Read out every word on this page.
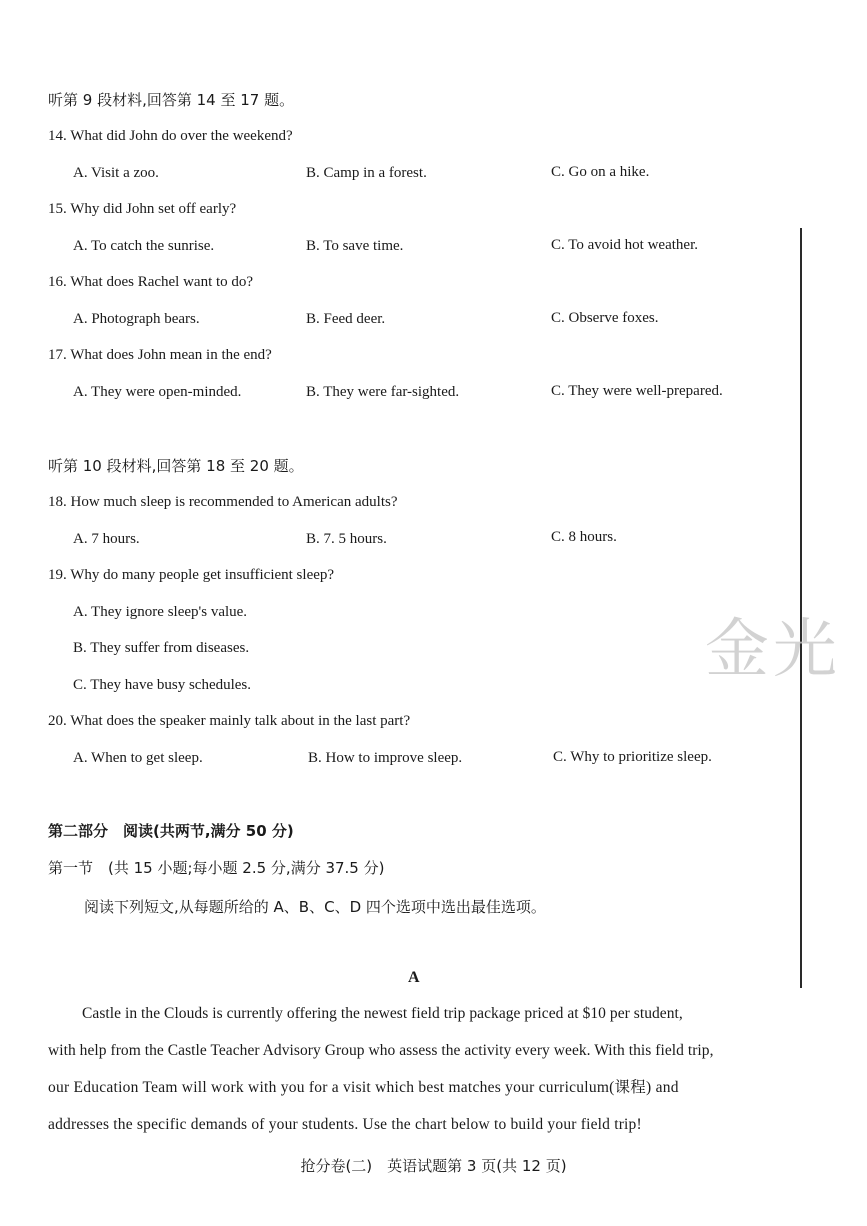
金光
听第 9 段材料,回答第 14 至 17 题。
14. What did John do over the weekend?
A. Visit a zoo.	B. Camp in a forest.	C. Go on a hike.
15. Why did John set off early?
A. To catch the sunrise.	B. To save time.	C. To avoid hot weather.
16. What does Rachel want to do?
A. Photograph bears.	B. Feed deer.	C. Observe foxes.
17. What does John mean in the end?
A. They were open-minded.	B. They were far-sighted.	C. They were well-prepared.
听第 10 段材料,回答第 18 至 20 题。
18. How much sleep is recommended to American adults?
A. 7 hours.	B. 7. 5 hours.	C. 8 hours.
19. Why do many people get insufficient sleep?
A. They ignore sleep's value.
B. They suffer from diseases.
C. They have busy schedules.
20. What does the speaker mainly talk about in the last part?
A. When to get sleep.	B. How to improve sleep.	C. Why to prioritize sleep.
第二部分　阅读(共两节,满分 50 分)
第一节　(共 15 小题;每小题 2.5 分,满分 37.5 分)
阅读下列短文,从每题所给的 A、B、C、D 四个选项中选出最佳选项。
A
Castle in the Clouds is currently offering the newest field trip package priced at $10 per student,
with help from the Castle Teacher Advisory Group who assess the activity every week. With this field trip,
our Education Team will work with you for a visit which best matches your curriculum(课程) and
addresses the specific demands of your students. Use the chart below to build your field trip!
抢分卷(二)　英语试题第 3 页(共 12 页)
